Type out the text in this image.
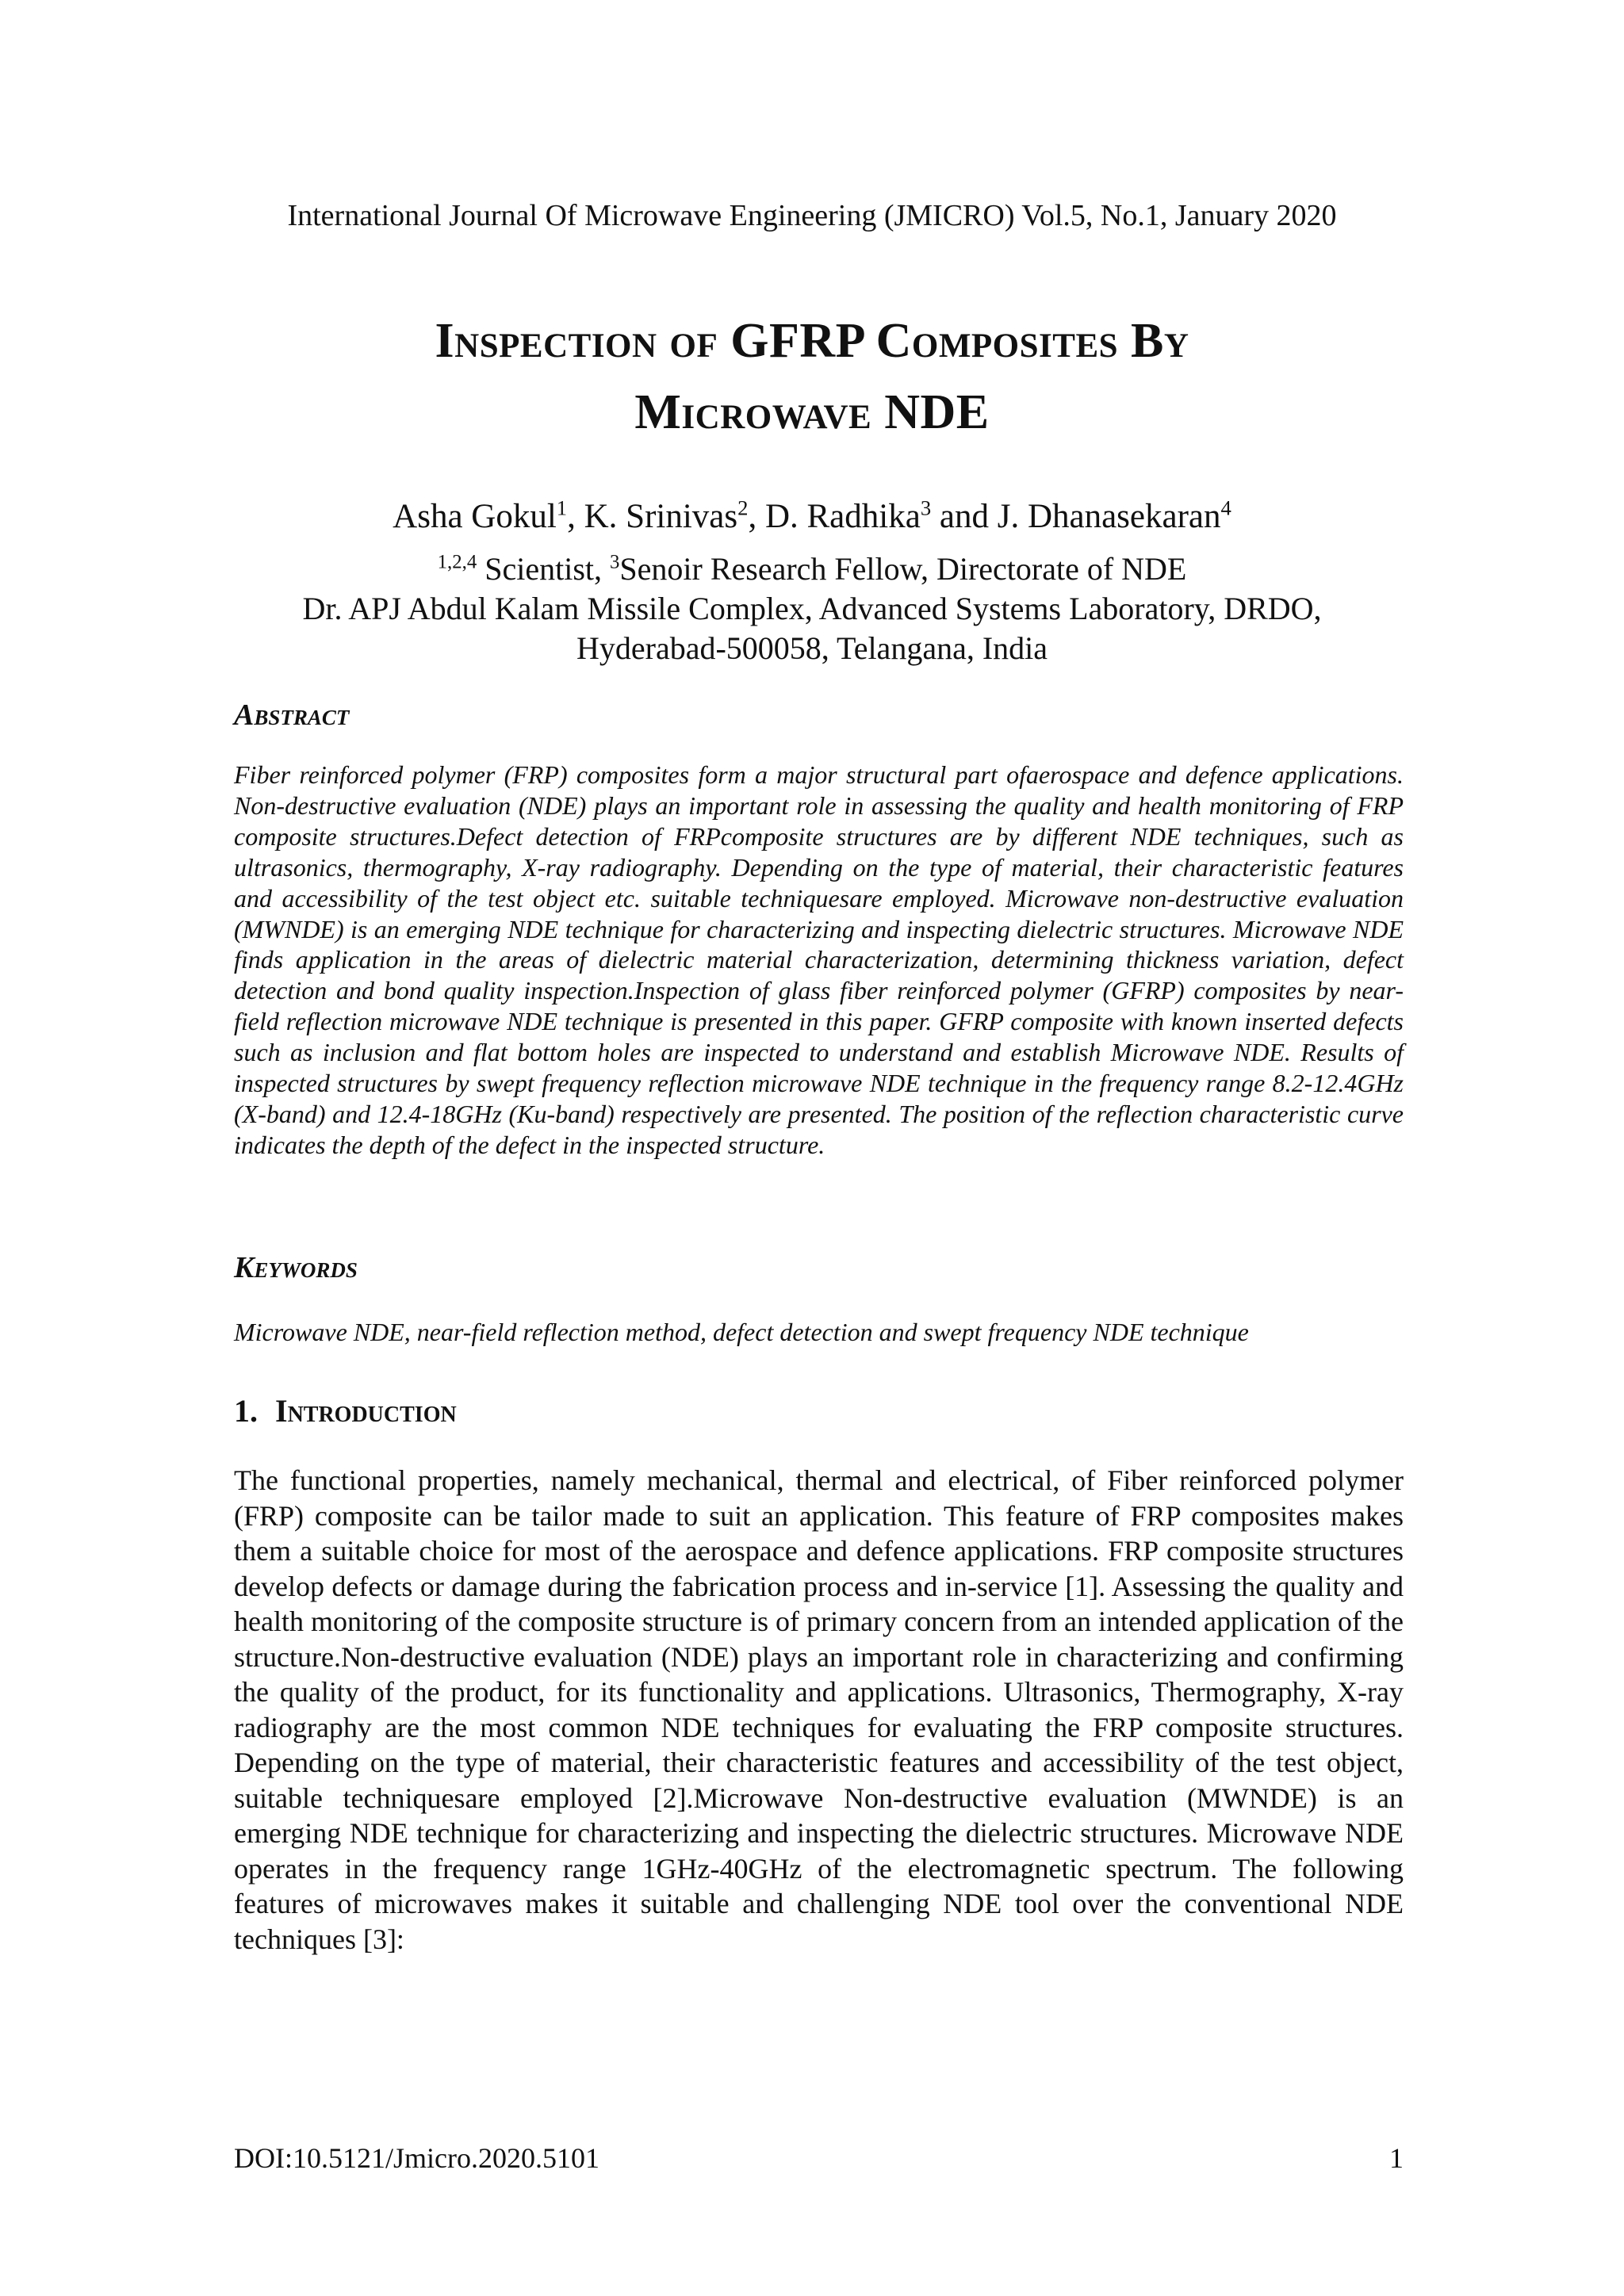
International Journal Of Microwave Engineering (JMICRO) Vol.5, No.1, January 2020
Inspection of GFRP Composites By
Microwave NDE
Asha Gokul$^1$, K. Srinivas$^2$, D. Radhika$^3$ and J. Dhanasekaran$^4$
$^{1,2,4}$ Scientist, $^3$Senoir Research Fellow, Directorate of NDE
Dr. APJ Abdul Kalam Missile Complex, Advanced Systems Laboratory, DRDO,
Hyderabad-500058, Telangana, India
Abstract
Fiber reinforced polymer (FRP) composites form a major structural part ofaerospace and defence applications. Non-destructive evaluation (NDE) plays an important role in assessing the quality and health monitoring of FRP composite structures.Defect detection of FRPcomposite structures are by different NDE techniques, such as ultrasonics, thermography, X-ray radiography. Depending on the type of material, their characteristic features and accessibility of the test object etc. suitable techniquesare employed. Microwave non-destructive evaluation (MWNDE) is an emerging NDE technique for characterizing and inspecting dielectric structures. Microwave NDE finds application in the areas of dielectric material characterization, determining thickness variation, defect detection and bond quality inspection.Inspection of glass fiber reinforced polymer (GFRP) composites by near-field reflection microwave NDE technique is presented in this paper. GFRP composite with known inserted defects such as inclusion and flat bottom holes are inspected to understand and establish Microwave NDE. Results of inspected structures by swept frequency reflection microwave NDE technique in the frequency range 8.2-12.4GHz (X-band) and 12.4-18GHz (Ku-band) respectively are presented. The position of the reflection characteristic curve indicates the depth of the defect in the inspected structure.
Keywords
Microwave NDE, near-field reflection method, defect detection and swept frequency NDE technique
1. Introduction
The functional properties, namely mechanical, thermal and electrical, of Fiber reinforced polymer (FRP) composite can be tailor made to suit an application. This feature of FRP composites makes them a suitable choice for most of the aerospace and defence applications. FRP composite structures develop defects or damage during the fabrication process and in-service [1]. Assessing the quality and health monitoring of the composite structure is of primary concern from an intended application of the structure.Non-destructive evaluation (NDE) plays an important role in characterizing and confirming the quality of the product, for its functionality and applications. Ultrasonics, Thermography, X-ray radiography are the most common NDE techniques for evaluating the FRP composite structures. Depending on the type of material, their characteristic features and accessibility of the test object, suitable techniquesare employed [2].Microwave Non-destructive evaluation (MWNDE) is an emerging NDE technique for characterizing and inspecting the dielectric structures. Microwave NDE operates in the frequency range 1GHz-40GHz of the electromagnetic spectrum. The following features of microwaves makes it suitable and challenging NDE tool over the conventional NDE techniques [3]:
DOI:10.5121/Jmicro.2020.5101	1
